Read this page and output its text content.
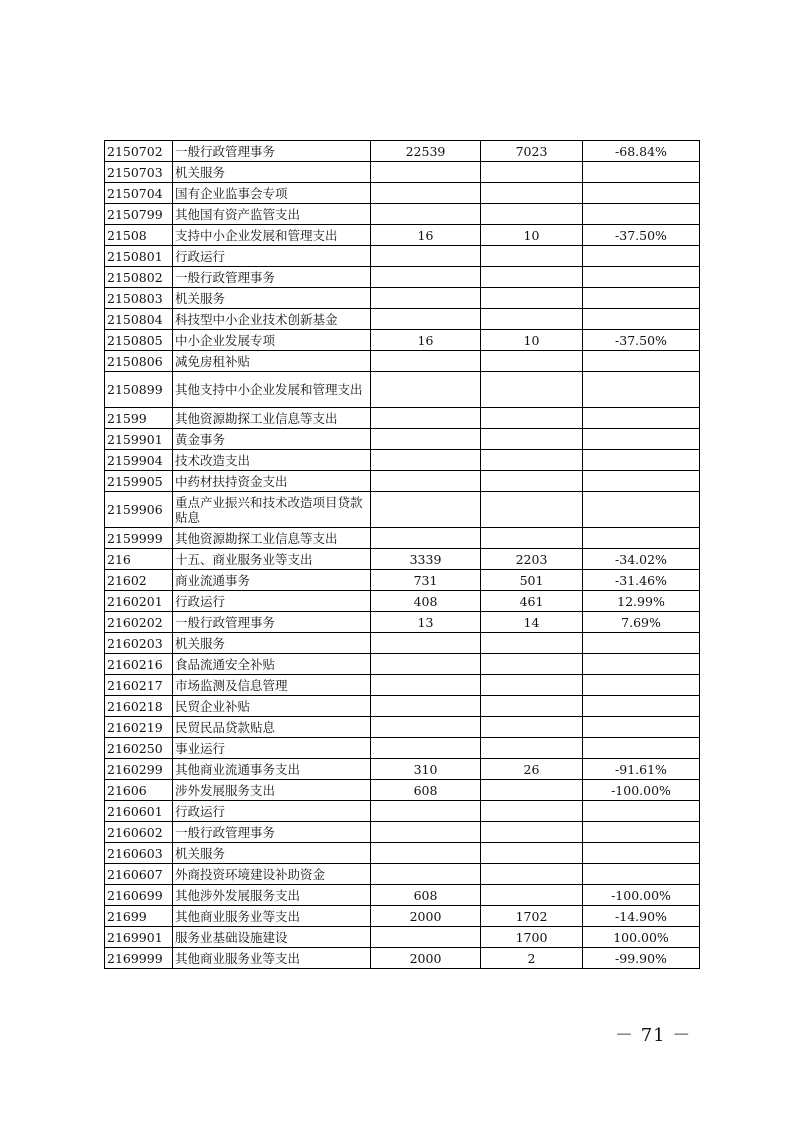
2150702	一般行政管理事务	22539	7023	-68.84%
2150703	机关服务			
2150704	国有企业监事会专项			
2150799	其他国有资产监管支出			
21508	支持中小企业发展和管理支出	16	10	-37.50%
2150801	行政运行			
2150802	一般行政管理事务			
2150803	机关服务			
2150804	科技型中小企业技术创新基金			
2150805	中小企业发展专项	16	10	-37.50%
2150806	减免房租补贴			
2150899	其他支持中小企业发展和管理支出			
21599	其他资源勘探工业信息等支出			
2159901	黄金事务			
2159904	技术改造支出			
2159905	中药材扶持资金支出			
2159906	重点产业振兴和技术改造项目贷款贴息			
2159999	其他资源勘探工业信息等支出			
216	十五、商业服务业等支出	3339	2203	-34.02%
21602	商业流通事务	731	501	-31.46%
2160201	行政运行	408	461	12.99%
2160202	一般行政管理事务	13	14	7.69%
2160203	机关服务			
2160216	食品流通安全补贴			
2160217	市场监测及信息管理			
2160218	民贸企业补贴			
2160219	民贸民品贷款贴息			
2160250	事业运行			
2160299	其他商业流通事务支出	310	26	-91.61%
21606	涉外发展服务支出	608		-100.00%
2160601	行政运行			
2160602	一般行政管理事务			
2160603	机关服务			
2160607	外商投资环境建设补助资金			
2160699	其他涉外发展服务支出	608		-100.00%
21699	其他商业服务业等支出	2000	1702	-14.90%
2169901	服务业基础设施建设		1700	100.00%
2169999	其他商业服务业等支出	2000	2	-99.90%
－ 71 －
